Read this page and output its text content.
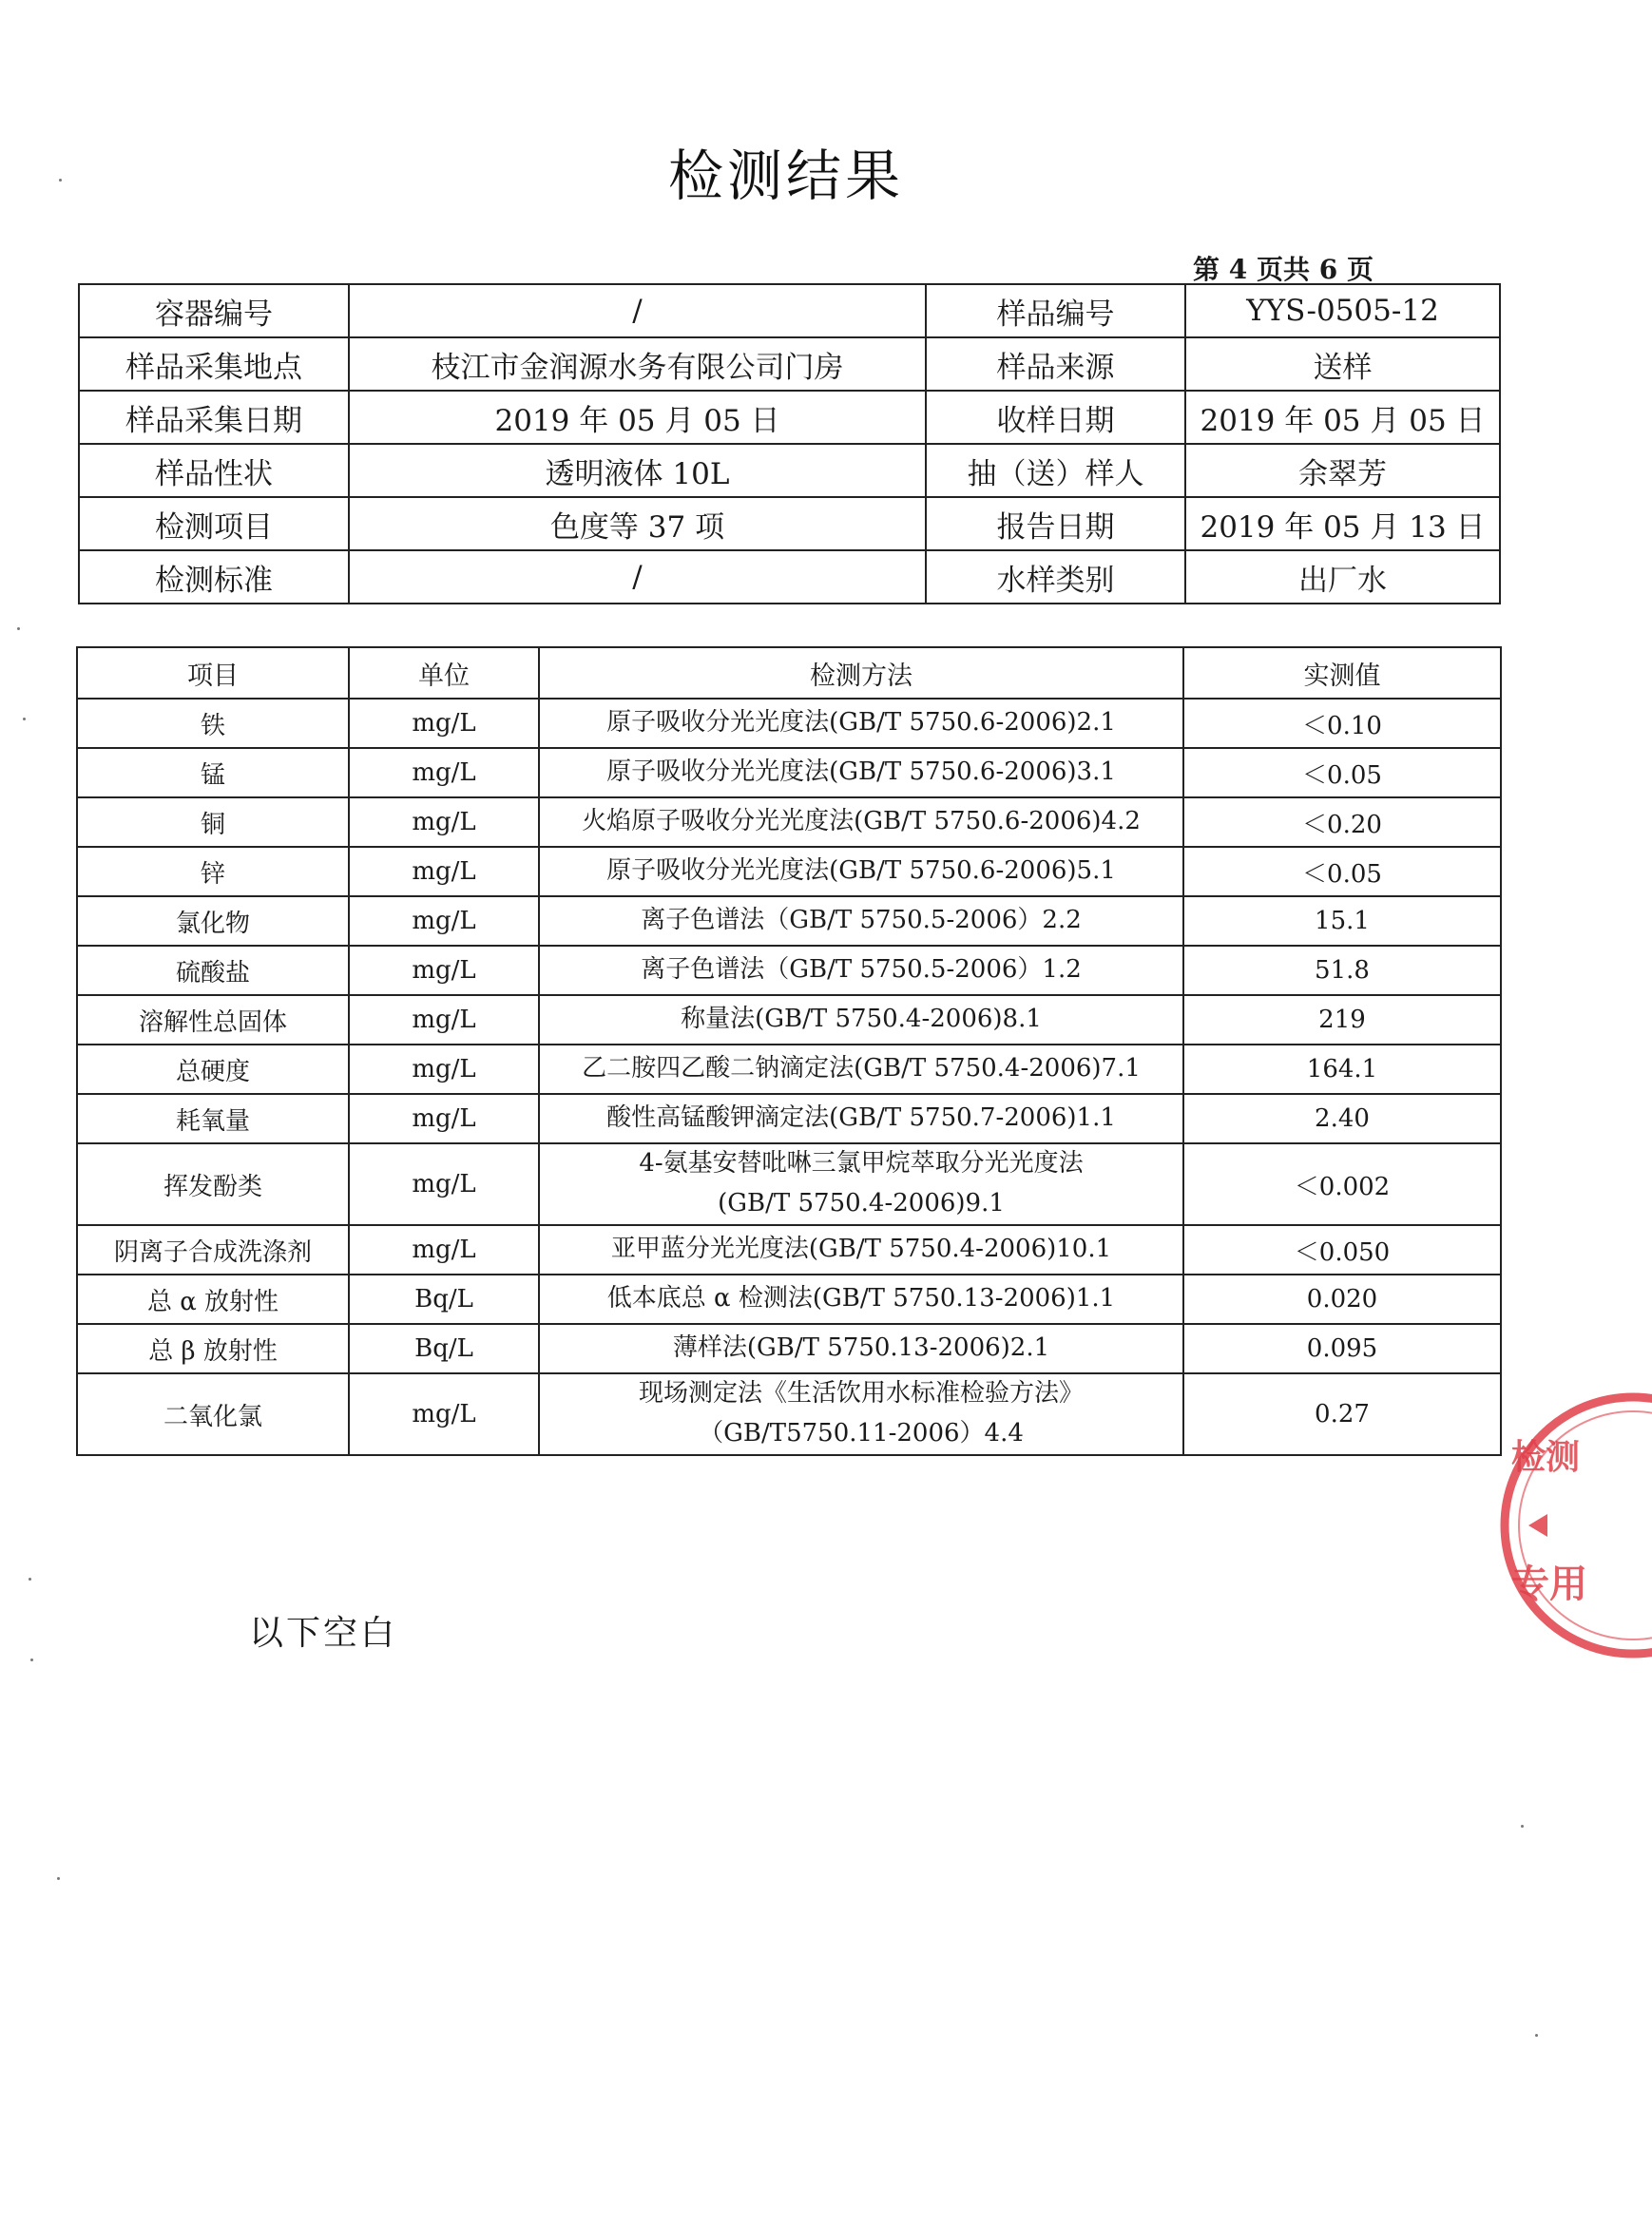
检测结果
第 4 页共 6 页
容器编号	/	样品编号	YYS-0505-12
样品采集地点	枝江市金润源水务有限公司门房	样品来源	送样
样品采集日期	2019 年 05 月 05 日	收样日期	2019 年 05 月 05 日
样品性状	透明液体 10L	抽（送）样人	余翠芳
检测项目	色度等 37 项	报告日期	2019 年 05 月 13 日
检测标准	/	水样类别	出厂水
项目	单位	检测方法	实测值
铁	mg/L	原子吸收分光光度法(GB/T 5750.6-2006)2.1	＜0.10
锰	mg/L	原子吸收分光光度法(GB/T 5750.6-2006)3.1	＜0.05
铜	mg/L	火焰原子吸收分光光度法(GB/T 5750.6-2006)4.2	＜0.20
锌	mg/L	原子吸收分光光度法(GB/T 5750.6-2006)5.1	＜0.05
氯化物	mg/L	离子色谱法（GB/T 5750.5-2006）2.2	15.1
硫酸盐	mg/L	离子色谱法（GB/T 5750.5-2006）1.2	51.8
溶解性总固体	mg/L	称量法(GB/T 5750.4-2006)8.1	219
总硬度	mg/L	乙二胺四乙酸二钠滴定法(GB/T 5750.4-2006)7.1	164.1
耗氧量	mg/L	酸性高锰酸钾滴定法(GB/T 5750.7-2006)1.1	2.40
挥发酚类	mg/L	4-氨基安替吡啉三氯甲烷萃取分光光度法
(GB/T 5750.4-2006)9.1	＜0.002
阴离子合成洗涤剂	mg/L	亚甲蓝分光光度法(GB/T 5750.4-2006)10.1	＜0.050
总 α 放射性	Bq/L	低本底总 α 检测法(GB/T 5750.13-2006)1.1	0.020
总 β 放射性	Bq/L	薄样法(GB/T 5750.13-2006)2.1	0.095
二氧化氯	mg/L	现场测定法《生活饮用水标准检验方法》
（GB/T5750.11-2006）4.4	0.27
以下空白
检测
专用
